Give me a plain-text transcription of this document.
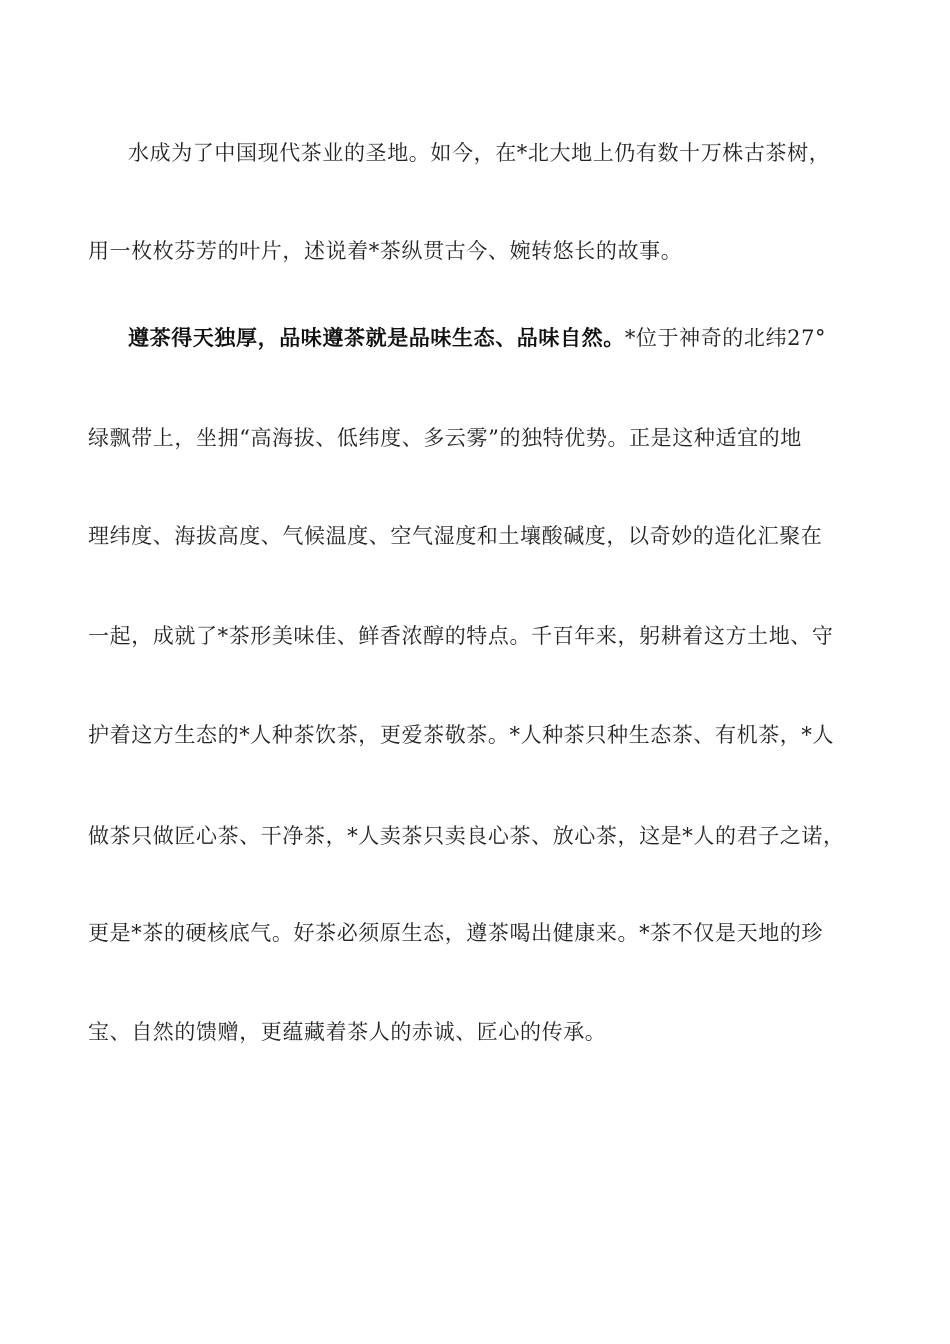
水成为了中国现代茶业的圣地。如今，在*北大地上仍有数十万株古茶树，
用一枚枚芬芳的叶片，述说着*茶纵贯古今、婉转悠长的故事。
遵茶得天独厚，品味遵茶就是品味生态、品味自然。*位于神奇的北纬27°
绿飘带上，坐拥“高海拔、低纬度、多云雾”的独特优势。正是这种适宜的地
理纬度、海拔高度、气候温度、空气湿度和土壤酸碱度，以奇妙的造化汇聚在
一起，成就了*茶形美味佳、鲜香浓醇的特点。千百年来，躬耕着这方土地、守
护着这方生态的*人种茶饮茶，更爱茶敬茶。*人种茶只种生态茶、有机茶，*人
做茶只做匠心茶、干净茶，*人卖茶只卖良心茶、放心茶，这是*人的君子之诺，
更是*茶的硬核底气。好茶必须原生态，遵茶喝出健康来。*茶不仅是天地的珍
宝、自然的馈赠，更蕴藏着茶人的赤诚、匠心的传承。
